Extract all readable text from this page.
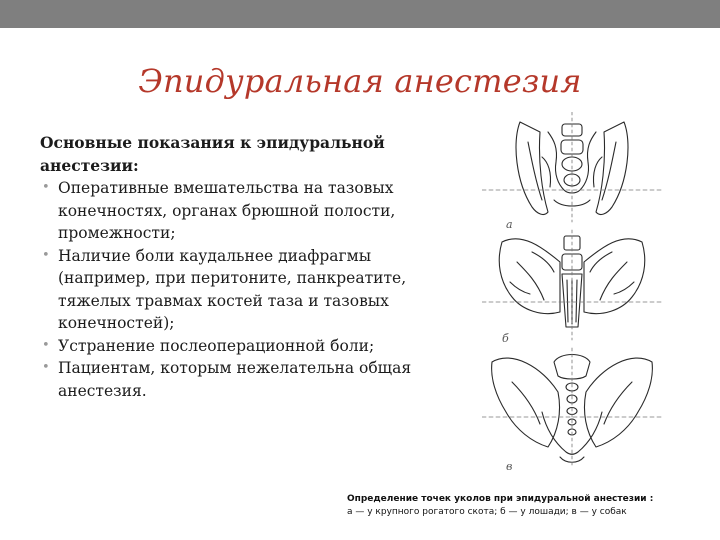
Эпидуральная анестезия
Основные показания к эпидуральной анестезии:
• Оперативные вмешательства на тазовых конечностях, органах брюшной полости, промежности;
• Наличие боли каудальнее диафрагмы (например, при перитоните, панкреатите, тяжелых травмах костей таза и тазовых конечностей);
• Устранение послеоперационной боли;
• Пациентам, которым нежелательна общая анестезия.
а
б
в
Определение точек уколов при эпидуральной анестезии :
а — у крупного рогатого скота; б — у лошади; в — у собак
